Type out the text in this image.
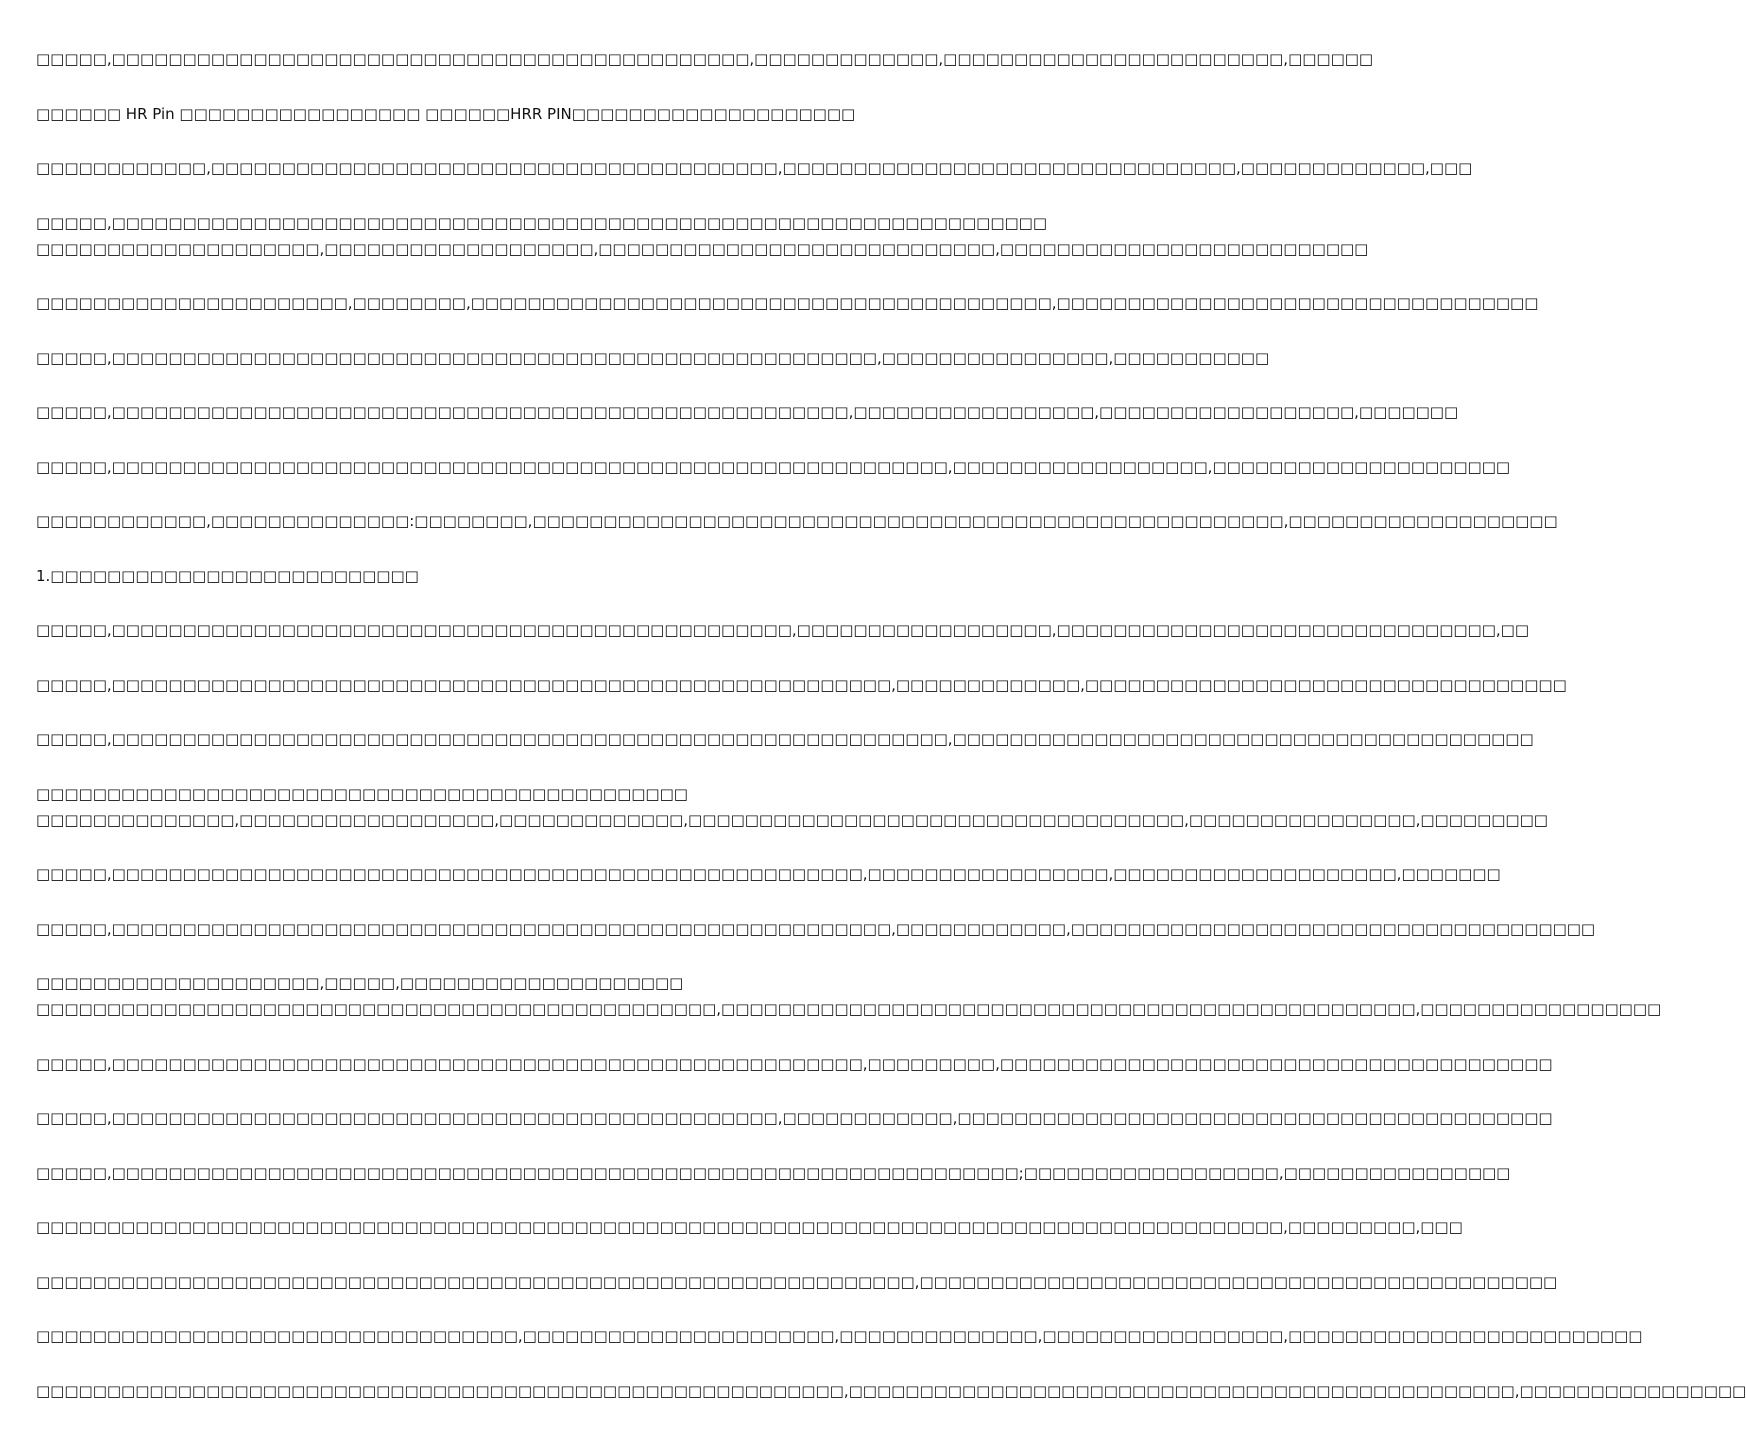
□□□□□,□□□□□□□□□□□□□□□□□□□□□□□□□□□□□□□□□□□□□□□□□□□□□,□□□□□□□□□□□□□,□□□□□□□□□□□□□□□□□□□□□□□□,□□□□□□
□□□□□□ HR Pin □□□□□□□□□□□□□□□□□ □□□□□□HRR PIN□□□□□□□□□□□□□□□□□□□□
□□□□□□□□□□□□,□□□□□□□□□□□□□□□□□□□□□□□□□□□□□□□□□□□□□□□□,□□□□□□□□□□□□□□□□□□□□□□□□□□□□□□□□,□□□□□□□□□□□□□,□□□
□□□□□,□□□□□□□□□□□□□□□□□□□□□□□□□□□□□□□□□□□□□□□□□□□□□□□□□□□□□□□□□□□□□□□□□□
□□□□□□□□□□□□□□□□□□□□,□□□□□□□□□□□□□□□□□□□,□□□□□□□□□□□□□□□□□□□□□□□□□□□□,□□□□□□□□□□□□□□□□□□□□□□□□□□
□□□□□□□□□□□□□□□□□□□□□□,□□□□□□□□,□□□□□□□□□□□□□□□□□□□□□□□□□□□□□□□□□□□□□□□□□,□□□□□□□□□□□□□□□□□□□□□□□□□□□□□□□□□□
□□□□□,□□□□□□□□□□□□□□□□□□□□□□□□□□□□□□□□□□□□□□□□□□□□□□□□□□□□□□,□□□□□□□□□□□□□□□□,□□□□□□□□□□□
□□□□□,□□□□□□□□□□□□□□□□□□□□□□□□□□□□□□□□□□□□□□□□□□□□□□□□□□□□,□□□□□□□□□□□□□□□□□,□□□□□□□□□□□□□□□□□□,□□□□□□□
□□□□□,□□□□□□□□□□□□□□□□□□□□□□□□□□□□□□□□□□□□□□□□□□□□□□□□□□□□□□□□□□□,□□□□□□□□□□□□□□□□□□,□□□□□□□□□□□□□□□□□□□□□
□□□□□□□□□□□□,□□□□□□□□□□□□□□:□□□□□□□□,□□□□□□□□□□□□□□□□□□□□□□□□□□□□□□□□□□□□□□□□□□□□□□□□□□□□□,□□□□□□□□□□□□□□□□□□□
1.□□□□□□□□□□□□□□□□□□□□□□□□□□
□□□□□,□□□□□□□□□□□□□□□□□□□□□□□□□□□□□□□□□□□□□□□□□□□□□□□□,□□□□□□□□□□□□□□□□□□,□□□□□□□□□□□□□□□□□□□□□□□□□□□□□□□,□□
□□□□□,□□□□□□□□□□□□□□□□□□□□□□□□□□□□□□□□□□□□□□□□□□□□□□□□□□□□□□□,□□□□□□□□□□□□□,□□□□□□□□□□□□□□□□□□□□□□□□□□□□□□□□□□
□□□□□,□□□□□□□□□□□□□□□□□□□□□□□□□□□□□□□□□□□□□□□□□□□□□□□□□□□□□□□□□□□,□□□□□□□□□□□□□□□□□□□□□□□□□□□□□□□□□□□□□□□□□
□□□□□□□□□□□□□□□□□□□□□□□□□□□□□□□□□□□□□□□□□□□□□□
□□□□□□□□□□□□□□,□□□□□□□□□□□□□□□□□□,□□□□□□□□□□□□□,□□□□□□□□□□□□□□□□□□□□□□□□□□□□□□□□□□□,□□□□□□□□□□□□□□□□,□□□□□□□□□
□□□□□,□□□□□□□□□□□□□□□□□□□□□□□□□□□□□□□□□□□□□□□□□□□□□□□□□□□□□,□□□□□□□□□□□□□□□□□,□□□□□□□□□□□□□□□□□□□□,□□□□□□□
□□□□□,□□□□□□□□□□□□□□□□□□□□□□□□□□□□□□□□□□□□□□□□□□□□□□□□□□□□□□□,□□□□□□□□□□□□,□□□□□□□□□□□□□□□□□□□□□□□□□□□□□□□□□□□□□
□□□□□□□□□□□□□□□□□□□□,□□□□□,□□□□□□□□□□□□□□□□□□□□
□□□□□□□□□□□□□□□□□□□□□□□□□□□□□□□□□□□□□□□□□□□□□□□□,□□□□□□□□□□□□□□□□□□□□□□□□□□□□□□□□□□□□□□□□□□□□□□□□□,□□□□□□□□□□□□□□□□□
□□□□□,□□□□□□□□□□□□□□□□□□□□□□□□□□□□□□□□□□□□□□□□□□□□□□□□□□□□□,□□□□□□□□□,□□□□□□□□□□□□□□□□□□□□□□□□□□□□□□□□□□□□□□□
□□□□□,□□□□□□□□□□□□□□□□□□□□□□□□□□□□□□□□□□□□□□□□□□□□□□□,□□□□□□□□□□□□,□□□□□□□□□□□□□□□□□□□□□□□□□□□□□□□□□□□□□□□□□□
□□□□□,□□□□□□□□□□□□□□□□□□□□□□□□□□□□□□□□□□□□□□□□□□□□□□□□□□□□□□□□□□□□□□□□;□□□□□□□□□□□□□□□□□□,□□□□□□□□□□□□□□□□
□□□□□□□□□□□□□□□□□□□□□□□□□□□□□□□□□□□□□□□□□□□□□□□□□□□□□□□□□□□□□□□□□□□□□□□□□□□□□□□□□□□□□□□□,□□□□□□□□□,□□□
□□□□□□□□□□□□□□□□□□□□□□□□□□□□□□□□□□□□□□□□□□□□□□□□□□□□□□□□□□□□□□,□□□□□□□□□□□□□□□□□□□□□□□□□□□□□□□□□□□□□□□□□□□□□
□□□□□□□□□□□□□□□□□□□□□□□□□□□□□□□□□□,□□□□□□□□□□□□□□□□□□□□□□,□□□□□□□□□□□□□□,□□□□□□□□□□□□□□□□□,□□□□□□□□□□□□□□□□□□□□□□□□□
□□□□□□□□□□□□□□□□□□□□□□□□□□□□□□□□□□□□□□□□□□□□□□□□□□□□□□□□□,□□□□□□□□□□□□□□□□□□□□□□□□□□□□□□□□□□□□□□□□□□□□□□□,□□□□□□□□□□□□□□□□
